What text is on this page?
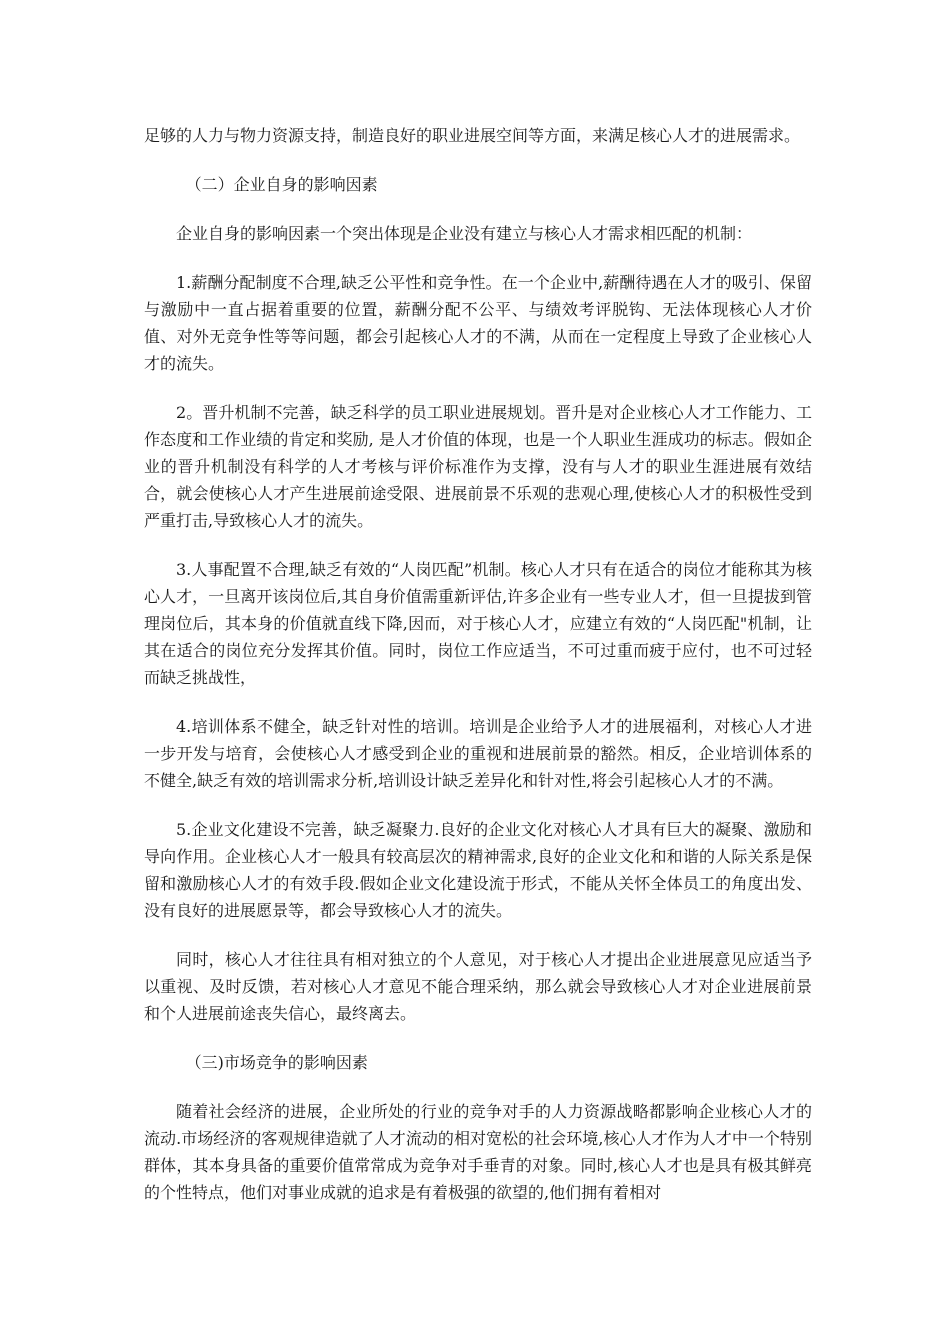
足够的人力与物力资源支持，制造良好的职业进展空间等方面，来满足核心人才的进展需求。

（二）企业自身的影响因素

企业自身的影响因素一个突出体现是企业没有建立与核心人才需求相匹配的机制：

1.薪酬分配制度不合理,缺乏公平性和竞争性。在一个企业中,薪酬待遇在人才的吸引、保留与激励中一直占据着重要的位置，薪酬分配不公平、与绩效考评脱钩、无法体现核心人才价值、对外无竞争性等等问题，都会引起核心人才的不满，从而在一定程度上导致了企业核心人才的流失。

2。晋升机制不完善，缺乏科学的员工职业进展规划。晋升是对企业核心人才工作能力、工作态度和工作业绩的肯定和奖励, 是人才价值的体现，也是一个人职业生涯成功的标志。假如企业的晋升机制没有科学的人才考核与评价标准作为支撑，没有与人才的职业生涯进展有效结合，就会使核心人才产生进展前途受限、进展前景不乐观的悲观心理,使核心人才的积极性受到严重打击,导致核心人才的流失。

3.人事配置不合理,缺乏有效的“人岗匹配”机制。核心人才只有在适合的岗位才能称其为核心人才，一旦离开该岗位后,其自身价值需重新评估,许多企业有一些专业人才，但一旦提拔到管理岗位后，其本身的价值就直线下降,因而，对于核心人才，应建立有效的“人岗匹配"机制，让其在适合的岗位充分发挥其价值。同时，岗位工作应适当，不可过重而疲于应付，也不可过轻而缺乏挑战性，

4.培训体系不健全，缺乏针对性的培训。培训是企业给予人才的进展福利，对核心人才进一步开发与培育，会使核心人才感受到企业的重视和进展前景的豁然。相反，企业培训体系的不健全,缺乏有效的培训需求分析,培训设计缺乏差异化和针对性,将会引起核心人才的不满。

5.企业文化建设不完善，缺乏凝聚力.良好的企业文化对核心人才具有巨大的凝聚、激励和导向作用。企业核心人才一般具有较高层次的精神需求,良好的企业文化和和谐的人际关系是保留和激励核心人才的有效手段.假如企业文化建设流于形式，不能从关怀全体员工的角度出发、没有良好的进展愿景等，都会导致核心人才的流失。

同时，核心人才往往具有相对独立的个人意见，对于核心人才提出企业进展意见应适当予以重视、及时反馈，若对核心人才意见不能合理采纳，那么就会导致核心人才对企业进展前景和个人进展前途丧失信心，最终离去。

（三)市场竞争的影响因素

随着社会经济的进展，企业所处的行业的竞争对手的人力资源战略都影响企业核心人才的流动.市场经济的客观规律造就了人才流动的相对宽松的社会环境,核心人才作为人才中一个特别群体，其本身具备的重要价值常常成为竞争对手垂青的对象。同时,核心人才也是具有极其鲜亮的个性特点，他们对事业成就的追求是有着极强的欲望的,他们拥有着相对
